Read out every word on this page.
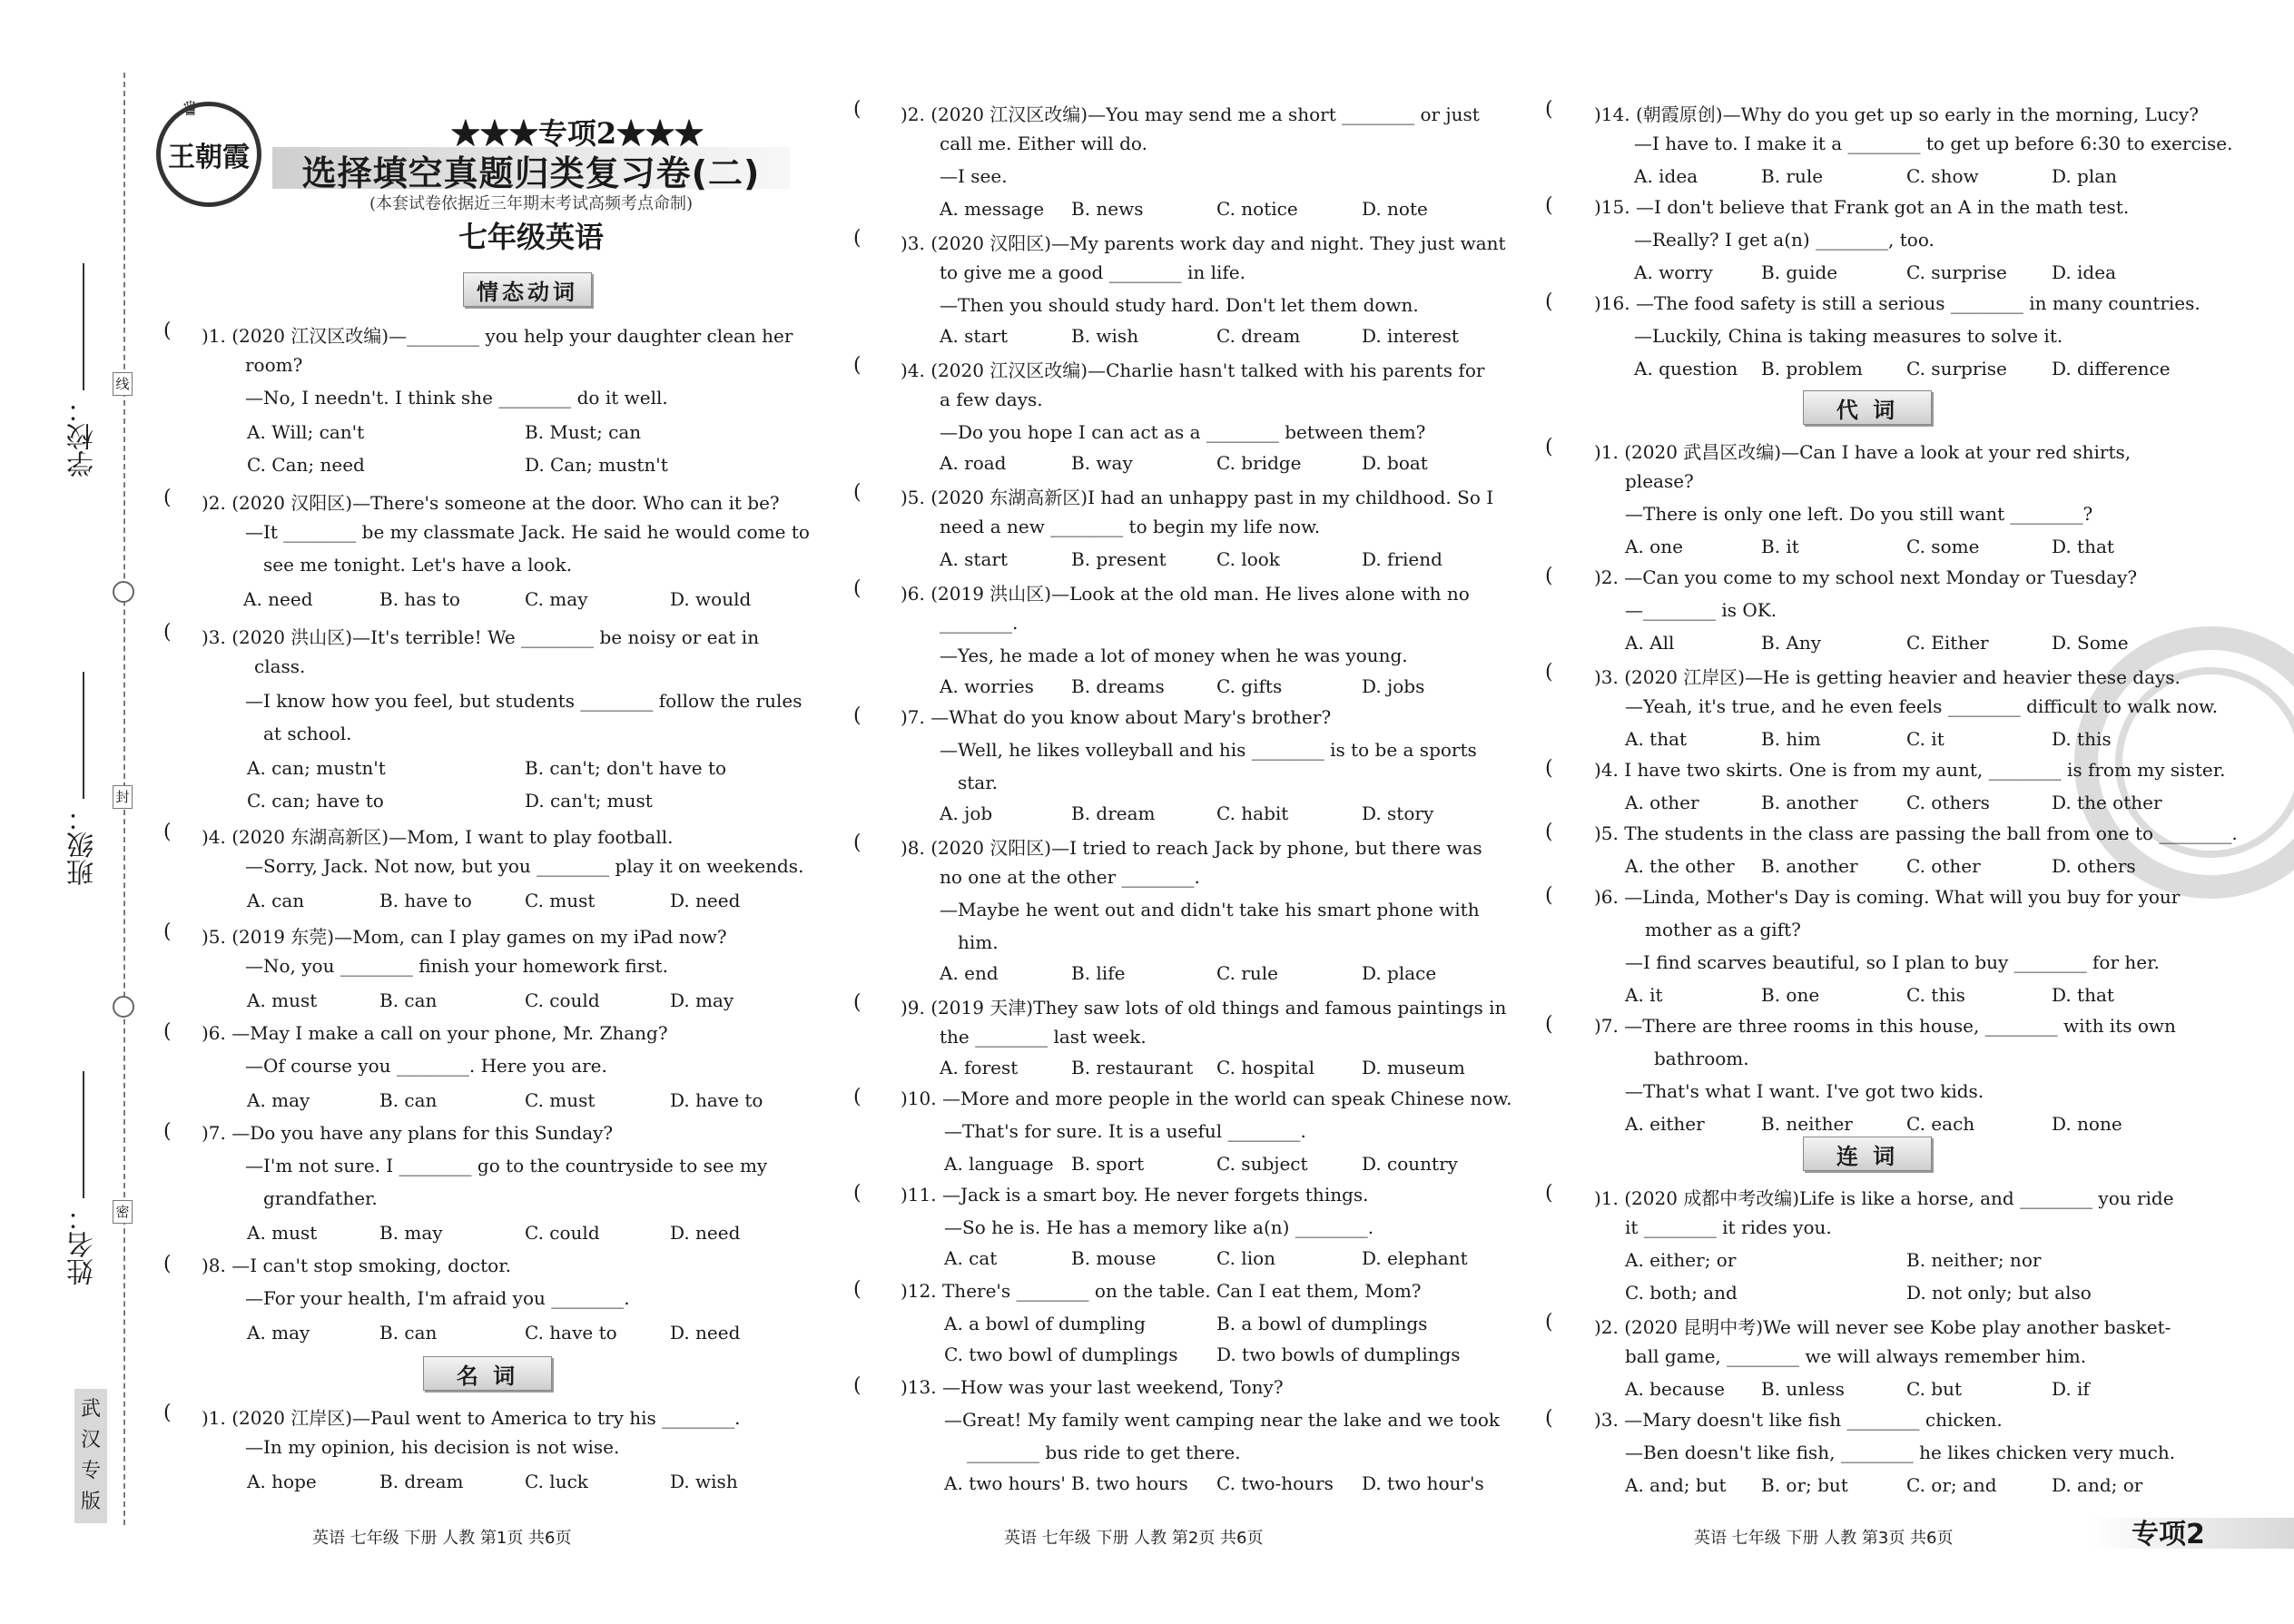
学校：
班级：
姓名：
线
封
密
武汉专版
王朝霞
♛
★★★专项2★★★
选择填空真题归类复习卷(二)
(本套试卷依据近三年期末考试高频考点命制)
七年级英语
情态动词
( )1. (2020 江汉区改编)—________ you help your daughter clean her
room?
—No, I needn't. I think she ________ do it well.
A. Will; can't	B. Must; can
C. Can; need	D. Can; mustn't
( )2. (2020 汉阳区)—There's someone at the door. Who can it be?
—It ________ be my classmate Jack. He said he would come to
see me tonight. Let's have a look.
A. need	B. has to	C. may	D. would
( )3. (2020 洪山区)—It's terrible! We ________ be noisy or eat in
class.
—I know how you feel, but students ________ follow the rules
at school.
A. can; mustn't	B. can't; don't have to
C. can; have to	D. can't; must
( )4. (2020 东湖高新区)—Mom, I want to play football.
—Sorry, Jack. Not now, but you ________ play it on weekends.
A. can	B. have to	C. must	D. need
( )5. (2019 东莞)—Mom, can I play games on my iPad now?
—No, you ________ finish your homework first.
A. must	B. can	C. could	D. may
( )6. —May I make a call on your phone, Mr. Zhang?
—Of course you ________. Here you are.
A. may	B. can	C. must	D. have to
( )7. —Do you have any plans for this Sunday?
—I'm not sure. I ________ go to the countryside to see my
grandfather.
A. must	B. may	C. could	D. need
( )8. —I can't stop smoking, doctor.
—For your health, I'm afraid you ________.
A. may	B. can	C. have to	D. need
名 词
( )1. (2020 江岸区)—Paul went to America to try his ________.
—In my opinion, his decision is not wise.
A. hope	B. dream	C. luck	D. wish
( )2. (2020 江汉区改编)—You may send me a short ________ or just
call me. Either will do.
—I see.
A. message B. news	C. notice	D. note
( )3. (2020 汉阳区)—My parents work day and night. They just want
to give me a good ________ in life.
—Then you should study hard. Don't let them down.
A. start	B. wish	C. dream	D. interest
( )4. (2020 江汉区改编)—Charlie hasn't talked with his parents for
a few days.
—Do you hope I can act as a ________ between them?
A. road	B. way	C. bridge	D. boat
( )5. (2020 东湖高新区)I had an unhappy past in my childhood. So I
need a new ________ to begin my life now.
A. start	B. present	C. look	D. friend
( )6. (2019 洪山区)—Look at the old man. He lives alone with no
________.
—Yes, he made a lot of money when he was young.
A. worries B. dreams	C. gifts	D. jobs
( )7. —What do you know about Mary's brother?
—Well, he likes volleyball and his ________ is to be a sports
star.
A. job	B. dream	C. habit	D. story
( )8. (2020 汉阳区)—I tried to reach Jack by phone, but there was
no one at the other ________.
—Maybe he went out and didn't take his smart phone with
him.
A. end	B. life	C. rule	D. place
( )9. (2019 天津)They saw lots of old things and famous paintings in
the ________ last week.
A. forest	B. restaurant C. hospital	D. museum
( )10. —More and more people in the world can speak Chinese now.
—That's for sure. It is a useful ________.
A. language B. sport	C. subject	D. country
( )11. —Jack is a smart boy. He never forgets things.
—So he is. He has a memory like a(n) ________.
A. cat	B. mouse	C. lion	D. elephant
( )12. There's ________ on the table. Can I eat them, Mom?
A. a bowl of dumpling	B. a bowl of dumplings
C. two bowl of dumplings D. two bowls of dumplings
( )13. —How was your last weekend, Tony?
—Great! My family went camping near the lake and we took
________ bus ride to get there.
A. two hours' B. two hours C. two-hours D. two hour's
( )14. (朝霞原创)—Why do you get up so early in the morning, Lucy?
—I have to. I make it a ________ to get up before 6:30 to exercise.
A. idea	B. rule	C. show	D. plan
( )15. —I don't believe that Frank got an A in the math test.
—Really? I get a(n) ________, too.
A. worry	B. guide	C. surprise D. idea
( )16. —The food safety is still a serious ________ in many countries.
—Luckily, China is taking measures to solve it.
A. question B. problem C. surprise D. difference
代 词
( )1. (2020 武昌区改编)—Can I have a look at your red shirts,
please?
—There is only one left. Do you still want ________?
A. one	B. it	C. some	D. that
( )2. —Can you come to my school next Monday or Tuesday?
—________ is OK.
A. All	B. Any	C. Either	D. Some
( )3. (2020 江岸区)—He is getting heavier and heavier these days.
—Yeah, it's true, and he even feels ________ difficult to walk now.
A. that	B. him	C. it	D. this
( )4. I have two skirts. One is from my aunt, ________ is from my sister.
A. other	B. another	C. others	D. the other
( )5. The students in the class are passing the ball from one to ________.
A. the other B. another	C. other	D. others
( )6. —Linda, Mother's Day is coming. What will you buy for your
mother as a gift?
—I find scarves beautiful, so I plan to buy ________ for her.
A. it	B. one	C. this	D. that
( )7. —There are three rooms in this house, ________ with its own
bathroom.
—That's what I want. I've got two kids.
A. either	B. neither	C. each	D. none
连 词
( )1. (2020 成都中考改编)Life is like a horse, and ________ you ride
it ________ it rides you.
A. either; or	B. neither; nor
C. both; and	D. not only; but also
( )2. (2020 昆明中考)We will never see Kobe play another basket-
ball game, ________ we will always remember him.
A. because B. unless	C. but	D. if
( )3. —Mary doesn't like fish ________ chicken.
—Ben doesn't like fish, ________ he likes chicken very much.
A. and; but B. or; but	C. or; and	D. and; or
英语 七年级 下册 人教 第1页 共6页	英语 七年级 下册 人教 第2页 共6页	英语 七年级 下册 人教 第3页 共6页	专项2
